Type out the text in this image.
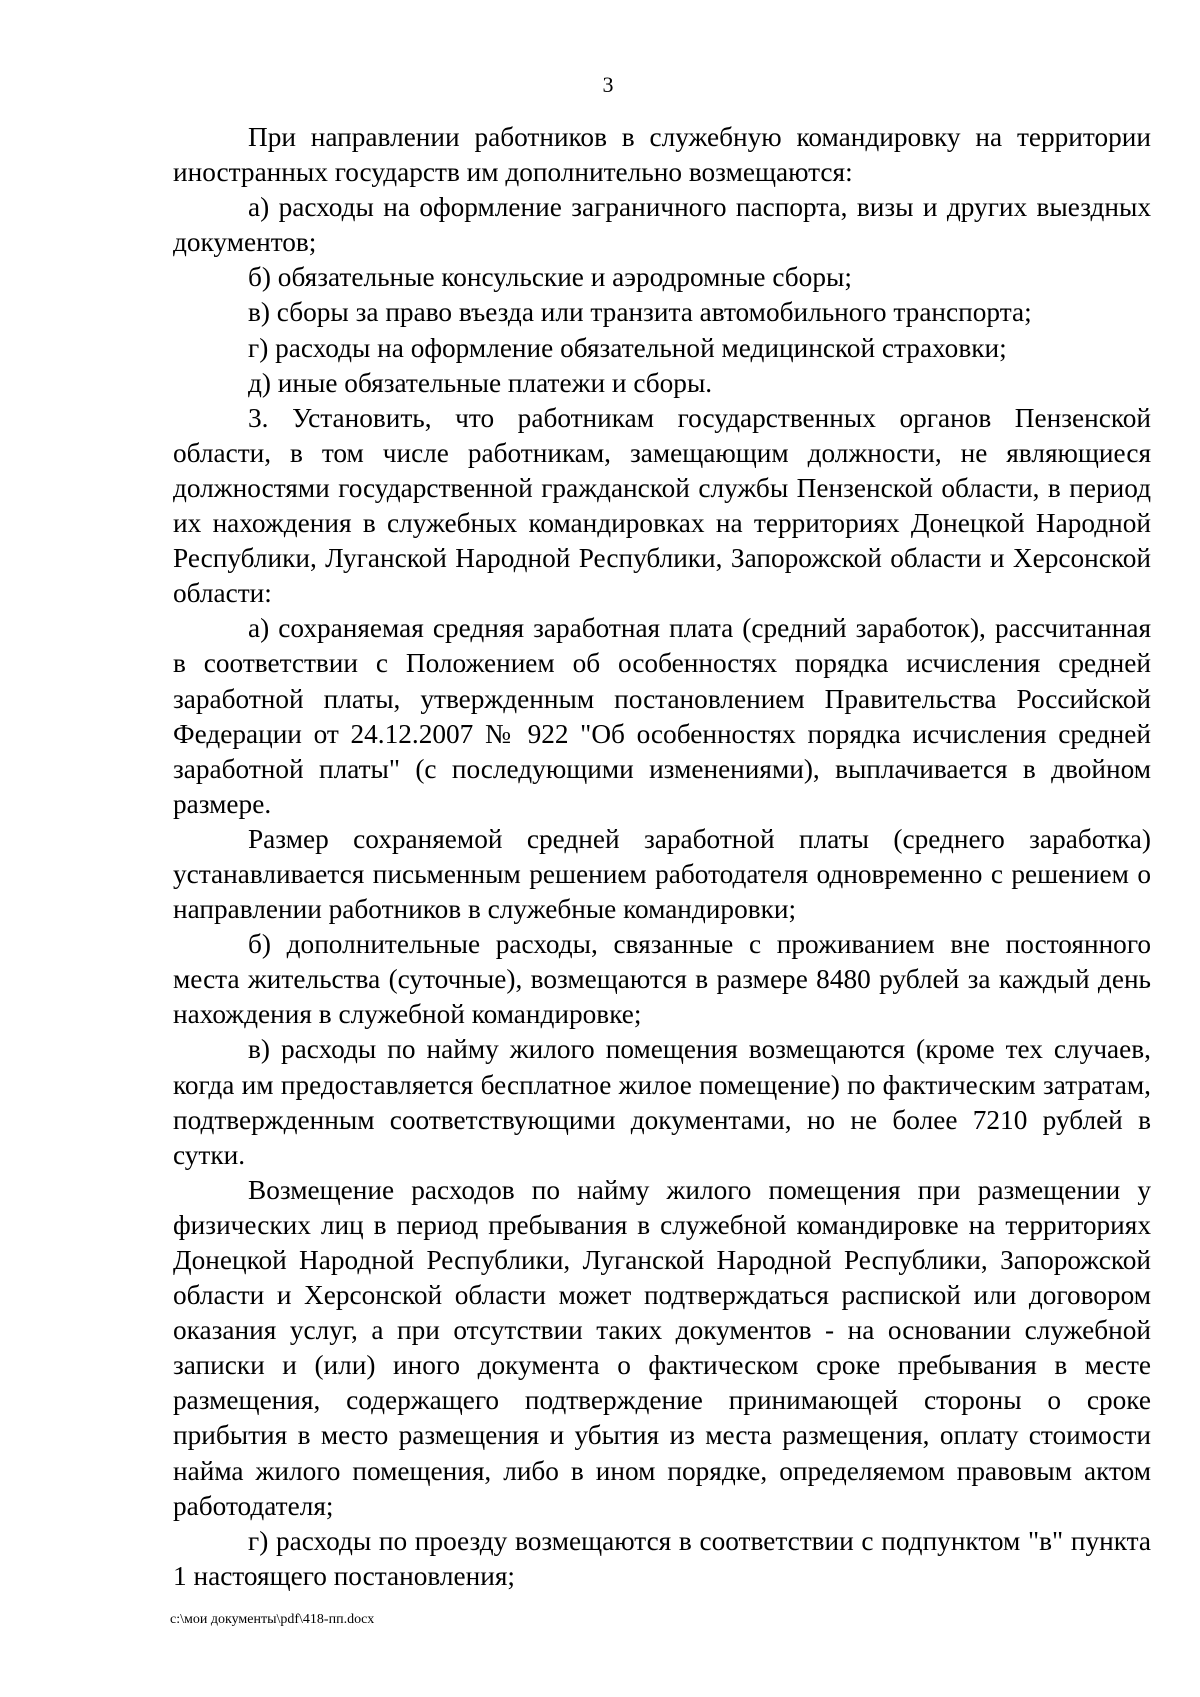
3

При направлении работников в служебную командировку на территории иностранных государств им дополнительно возмещаются:

а) расходы на оформление заграничного паспорта, визы и других выездных документов;

б) обязательные консульские и аэродромные сборы;

в) сборы за право въезда или транзита автомобильного транспорта;

г) расходы на оформление обязательной медицинской страховки;

д) иные обязательные платежи и сборы.

3. Установить, что работникам государственных органов Пензенской области, в том числе работникам, замещающим должности, не являющиеся должностями государственной гражданской службы Пензенской области, в период их нахождения в служебных командировках на территориях Донецкой Народной Республики, Луганской Народной Республики, Запорожской области и Херсонской области:

а) сохраняемая средняя заработная плата (средний заработок), рассчитанная в соответствии с Положением об особенностях порядка исчисления средней заработной платы, утвержденным постановлением Правительства Российской Федерации от 24.12.2007 № 922 "Об особенностях порядка исчисления средней заработной платы" (с последующими изменениями), выплачивается в двойном размере.

Размер сохраняемой средней заработной платы (среднего заработка) устанавливается письменным решением работодателя одновременно с решением о направлении работников в служебные командировки;

б) дополнительные расходы, связанные с проживанием вне постоянного места жительства (суточные), возмещаются в размере 8480 рублей за каждый день нахождения в служебной командировке;

в) расходы по найму жилого помещения возмещаются (кроме тех случаев, когда им предоставляется бесплатное жилое помещение) по фактическим затратам, подтвержденным соответствующими документами, но не более 7210 рублей в сутки.

Возмещение расходов по найму жилого помещения при размещении у физических лиц в период пребывания в служебной командировке на территориях Донецкой Народной Республики, Луганской Народной Республики, Запорожской области и Херсонской области может подтверждаться распиской или договором оказания услуг, а при отсутствии таких документов - на основании служебной записки и (или) иного документа о фактическом сроке пребывания в месте размещения, содержащего подтверждение принимающей стороны о сроке прибытия в место размещения и убытия из места размещения, оплату стоимости найма жилого помещения, либо в ином порядке, определяемом правовым актом работодателя;

г) расходы по проезду возмещаются в соответствии с подпунктом "в" пункта 1 настоящего постановления;

c:\мои документы\pdf\418-пп.docx
